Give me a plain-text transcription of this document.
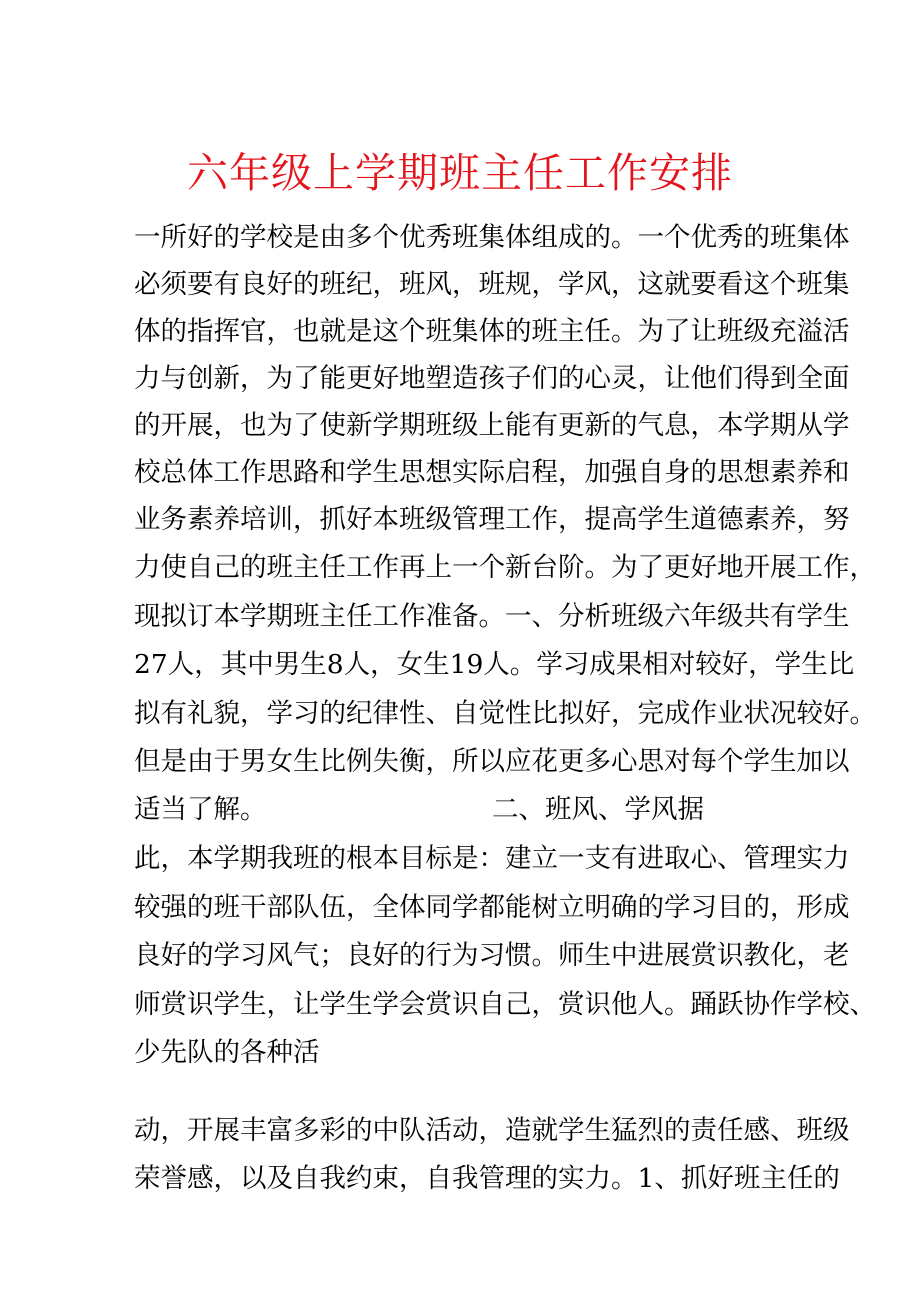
六年级上学期班主任工作安排
一所好的学校是由多个优秀班集体组成的。一个优秀的班集体
必须要有良好的班纪，班风，班规，学风，这就要看这个班集
体的指挥官，也就是这个班集体的班主任。为了让班级充溢活
力与创新，为了能更好地塑造孩子们的心灵，让他们得到全面
的开展，也为了使新学期班级上能有更新的气息，本学期从学
校总体工作思路和学生思想实际启程，加强自身的思想素养和
业务素养培训，抓好本班级管理工作，提高学生道德素养，努
力使自己的班主任工作再上一个新台阶。为了更好地开展工作，
现拟订本学期班主任工作准备。一、分析班级六年级共有学生
27人，其中男生8人，女生19人。学习成果相对较好，学生比
拟有礼貌，学习的纪律性、自觉性比拟好，完成作业状况较好。
但是由于男女生比例失衡，所以应花更多心思对每个学生加以
适当了解。	二、班风、学风据
此，本学期我班的根本目标是：建立一支有进取心、管理实力
较强的班干部队伍，全体同学都能树立明确的学习目的，形成
良好的学习风气；良好的行为习惯。师生中进展赏识教化，老
师赏识学生，让学生学会赏识自己，赏识他人。踊跃协作学校、
少先队的各种活
动，开展丰富多彩的中队活动，造就学生猛烈的责任感、班级
荣誉感，以及自我约束，自我管理的实力。1、抓好班主任的
